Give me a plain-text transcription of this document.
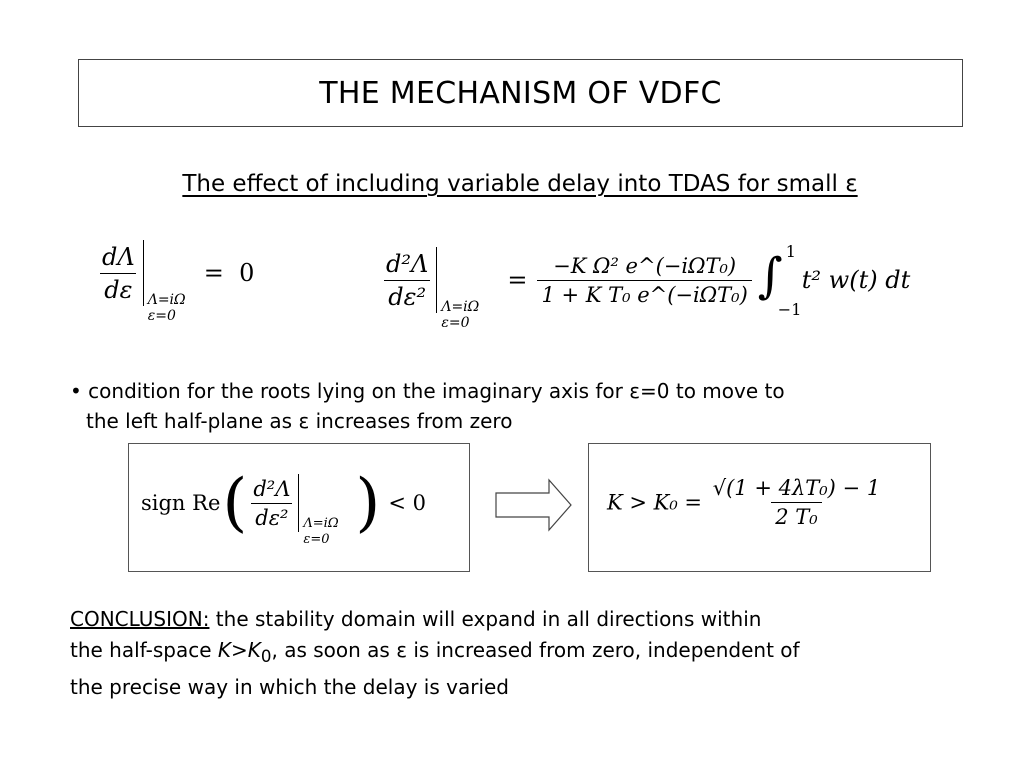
THE MECHANISM OF VDFC
The effect of including variable delay into TDAS for small ε
$\frac{d\Lambda}{d\varepsilon} \Lambda=i\Omega$
ε=0
=  0	$\frac{\text{d²Λ}}{\text{dε²}} \Lambda=i\Omega$
ε=0
= $\frac{\text{−K Ω² e\textasciicircum{}(−iΩT₀)}}{\text{1 + K T₀ e\textasciicircum{}(−iΩT₀)}}$ ∫ 1
−1
t² w(t) dt
• condition for the roots lying on the imaginary axis for ε=0 to move to
the left half-plane as ε increases from zero
sign $Re( \frac{\text{d²Λ}}{\text{dε²}} \Lambda=i\Omega$
ε=0 ) < 0	$K > K_0 = \frac{\text{√(1 + 4λT₀) − 1}}{\text{2 T₀}}$
CONCLUSION: the stability domain will expand in all directions within
the half-space $K>K_0$, as soon as ε is increased from zero, independent of
the precise way in which the delay is varied
